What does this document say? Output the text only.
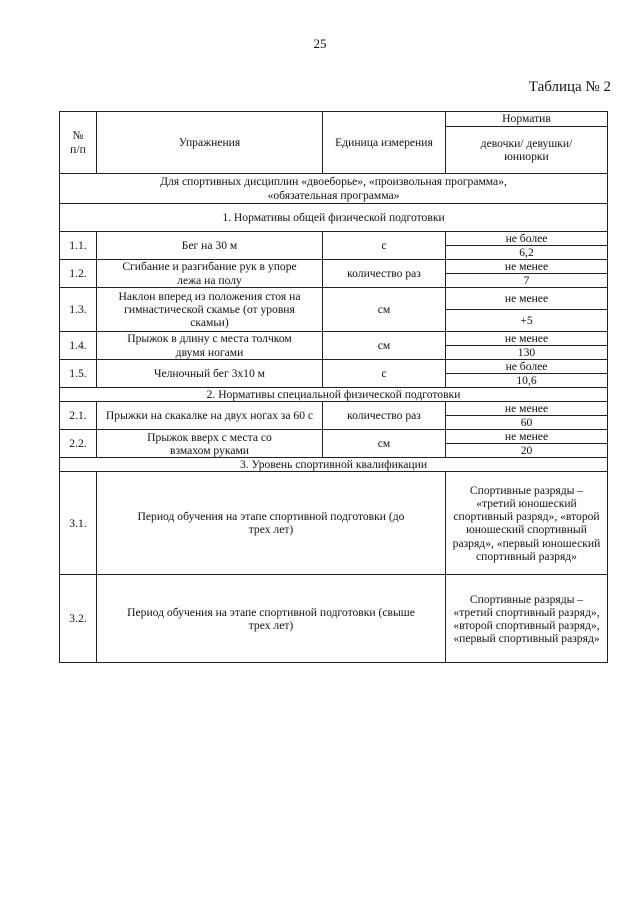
25
Таблица № 2
№ п/п	Упражнения	Единица измерения	Норматив
			девочки/ девушки/ юниорки
Для спортивных дисциплин «двоеборье», «произвольная программа», «обязательная программа»			
1. Нормативы общей физической подготовки			
1.1.	Бег на 30 м	с	не более
			6,2
1.2.	Сгибание и разгибание рук в упоре лежа на полу	количество раз	не менее
			7
1.3.	Наклон вперед из положения стоя на гимнастической скамье (от уровня скамьи)	см	не менее
			+5
1.4.	Прыжок в длину с места толчком двумя ногами	см	не менее
			130
1.5.	Челночный бег 3х10 м	с	не более
			10,6
2. Нормативы специальной физической подготовки			
2.1.	Прыжки на скакалке на двух ногах за 60 с	количество раз	не менее
			60
2.2.	Прыжок вверх с места со взмахом руками	см	не менее
			20
3. Уровень спортивной квалификации			
3.1.	Период обучения на этапе спортивной подготовки (до трех лет)		Спортивные разряды – «третий юношеский спортивный разряд», «второй юношеский спортивный разряд», «первый юношеский спортивный разряд»
3.2.	Период обучения на этапе спортивной подготовки (свыше трех лет)		Спортивные разряды – «третий спортивный разряд», «второй спортивный разряд», «первый спортивный разряд»
